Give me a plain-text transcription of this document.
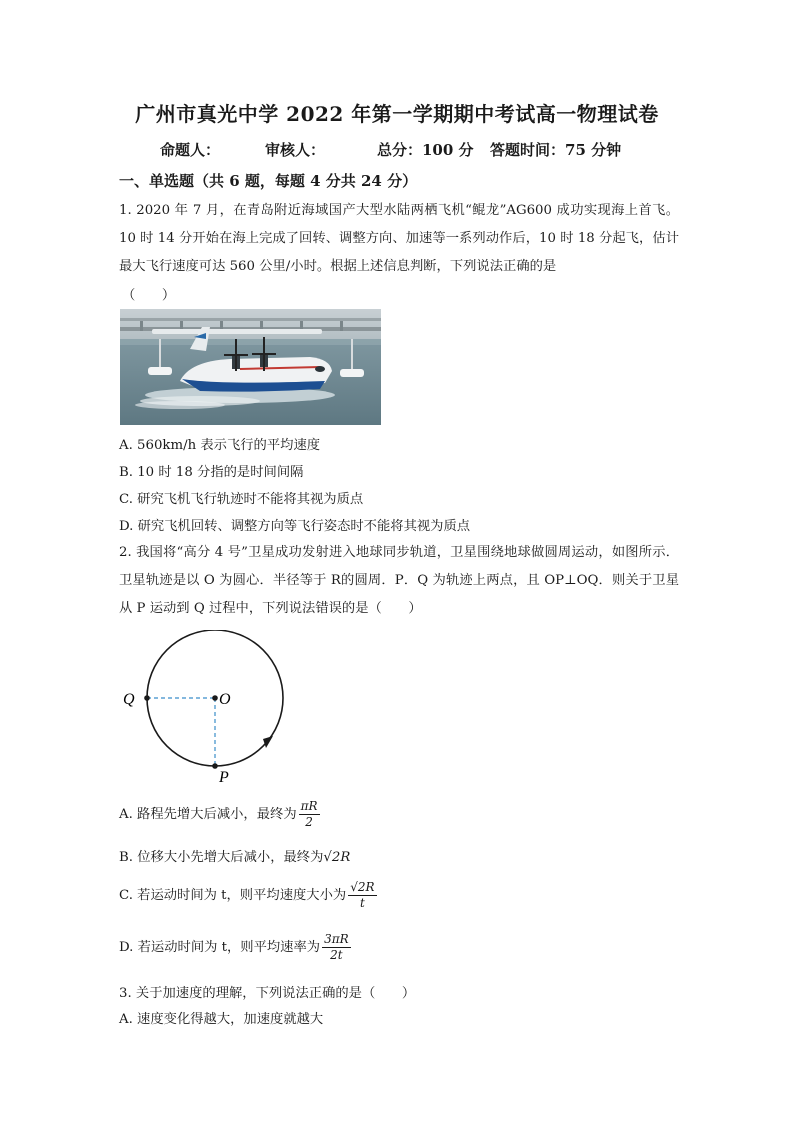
广州市真光中学 2022 年第一学期期中考试高一物理试卷
命题人：	审核人：	总分：100 分 答题时间：75 分钟
一、单选题（共 6 题，每题 4 分共 24 分）
1. 2020 年 7 月，在青岛附近海域国产大型水陆两栖飞机“鲲龙”AG600 成功实现海上首飞。10 时 14 分开始在海上完成了回转、调整方向、加速等一系列动作后，10 时 18 分起飞，估计最大飞行速度可达 560 公里/小时。根据上述信息判断，下列说法正确的是
（　　）
A. 560km/h 表示飞行的平均速度
B. 10 时 18 分指的是时间间隔
C. 研究飞机飞行轨迹时不能将其视为质点
D. 研究飞机回转、调整方向等飞行姿态时不能将其视为质点
2. 我国将“高分 4 号”卫星成功发射进入地球同步轨道，卫星围绕地球做圆周运动，如图所示．卫星轨迹是以 O 为圆心．半径等于 R的圆周．P．Q 为轨迹上两点，且 OP⊥OQ．则关于卫星从 P 运动到 Q 过程中，下列说法错误的是（　　）
Q	O
P
A. 路程先增大后减小，最终为 $\frac{\pi R}{2}$
B. 位移大小先增大后减小，最终为√2R
C. 若运动时间为 t，则平均速度大小为 $\frac{√2R}{t}$
D. 若运动时间为 t，则平均速率为 $\frac{3\pi R}{2t}$
3. 关于加速度的理解，下列说法正确的是（　　）
A. 速度变化得越大，加速度就越大
